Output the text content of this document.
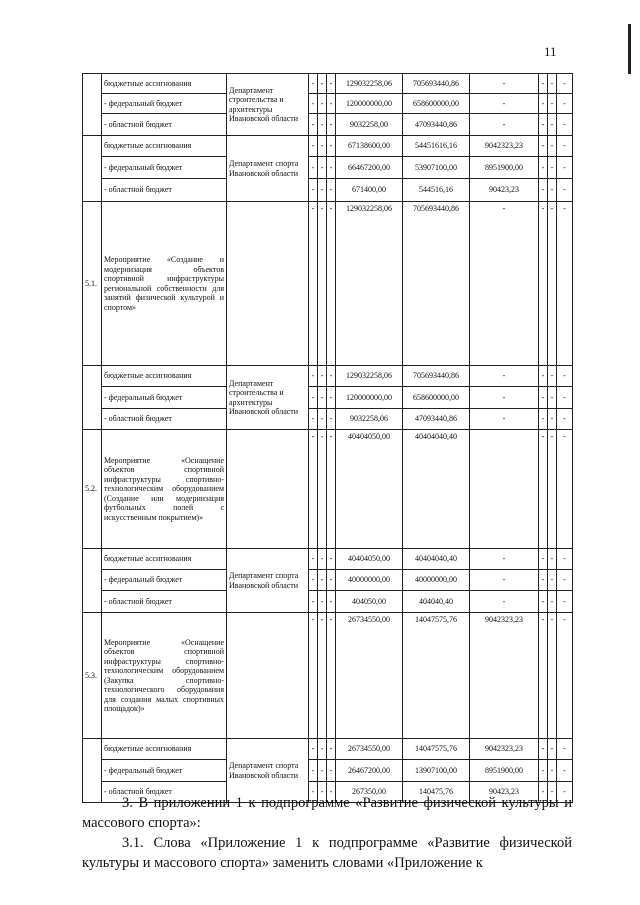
11
	бюджетные ассигнования	Департамент строительства и архитектуры Ивановской области	-	-	-	129032258,06	705693440,86	-	-	-	-
	- федеральный бюджет		-	-	-	120000000,00	658600000,00	-	-	-	-
	- областной бюджет		-	-	-	9032258,00	47093440,86	-	-	-	-
	бюджетные ассигнования	Департамент спорта Ивановской области	-	-	-	67138600,00	54451616,16	9042323,23	-	-	-
	- федеральный бюджет		-	-	-	66467200,00	53907100,00	8951900,00	-	-	-
	- областной бюджет		-	-	-	671400,00	544516,16	90423,23	-	-	-
5.1.	Мероприятие «Создание и модернизация объектов спортивной инфраструктуры региональной собственности для занятий физической культурой и спортом»		-	-	-	129032258,06	705693440,86	-	-	-	-
	бюджетные ассигнования	Департамент строительства и архитектуры Ивановской области	-	-	-	129032258,06	705693440,86	-	-	-	-
	- федеральный бюджет		-	-	-	120000000,00	658600000,00	-	-	-	-
	- областной бюджет		-	-	-	9032258,06	47093440,86	-	-	-	-
5.2.	Мероприятие «Оснащение объектов спортивной инфраструктуры спортивно-технологическим оборудованием (Создание или модернизация футбольных полей с искусственным покрытием)»		-	-	-	40404050,00	40404040,40		-	-	-
	бюджетные ассигнования	Департамент спорта Ивановской области	-	-	-	40404050,00	40404040,40	-	-	-	-
	- федеральный бюджет		-	-	-	40000000,00	40000000,00	-	-	-	-
	- областной бюджет		-	-	-	404050,00	404040,40	-	-	-	-
5.3.	Мероприятие «Оснащение объектов спортивной инфраструктуры спортивно-технологическим оборудованием (Закупка спортивно-технологического оборудования для создания малых спортивных площадок)»		-	-	-	26734550,00	14047575,76	9042323,23	-	-	-
	бюджетные ассигнования	Департамент спорта Ивановской области	-	-	-	26734550,00	14047575,76	9042323,23	-	-	-
	- федеральный бюджет		-	-	-	26467200,00	13907100,00	8951900,00	-	-	-
	- областной бюджет		-	-	-	267350,00	140475,76	90423,23	-	-	-
3. В приложении 1 к подпрограмме «Развитие физической культуры и массового спорта»:
3.1. Слова «Приложение 1 к подпрограмме «Развитие физической культуры и массового спорта» заменить словами «Приложение к
